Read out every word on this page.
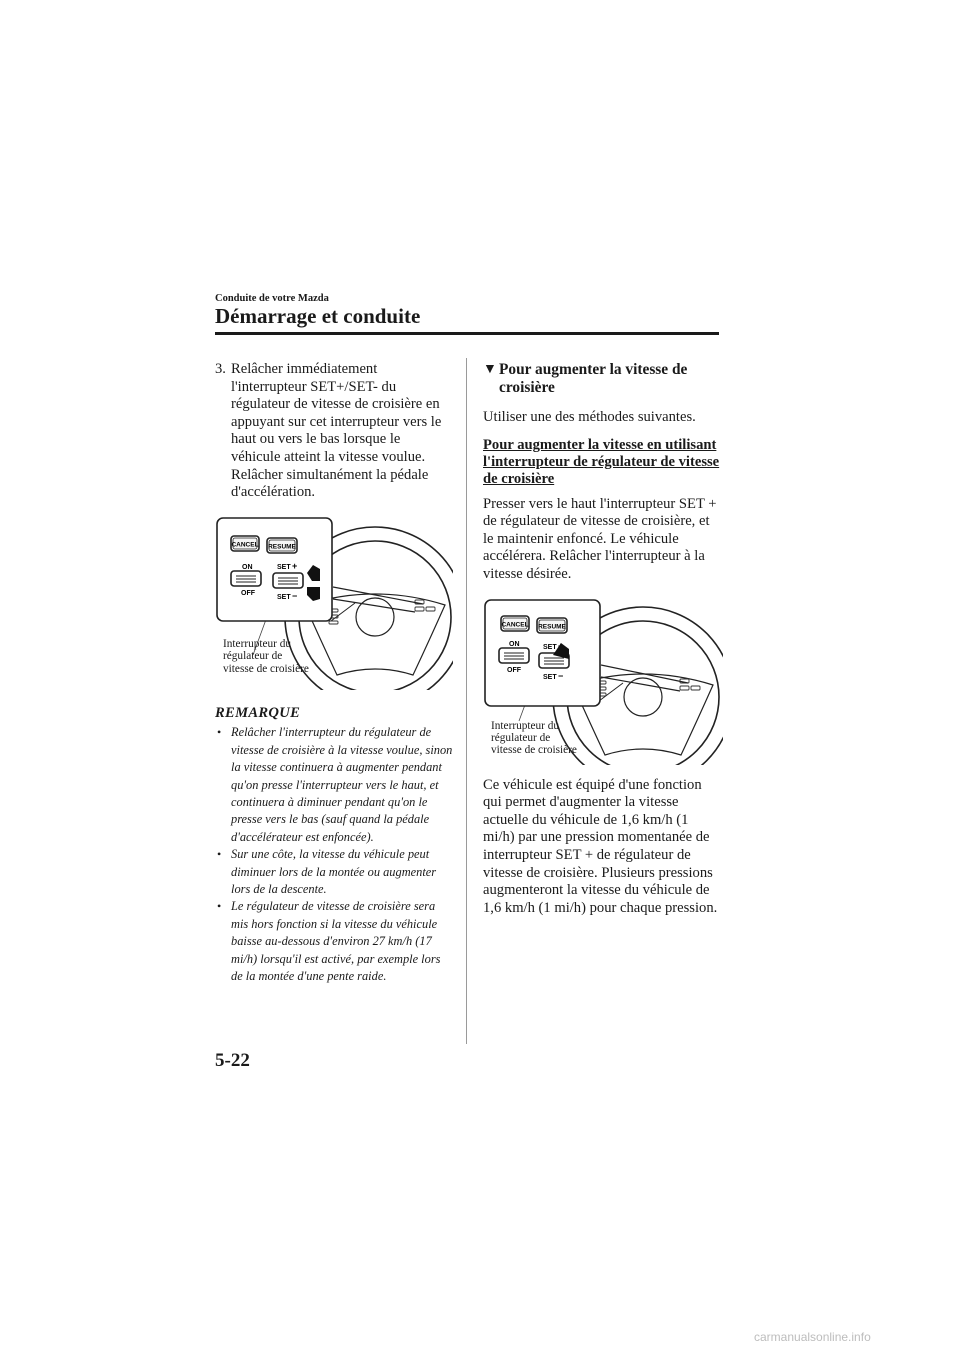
Conduite de votre Mazda
Démarrage et conduite

3. Relâcher immédiatement l'interrupteur SET+/SET- du régulateur de vitesse de croisière en appuyant sur cet interrupteur vers le haut ou vers le bas lorsque le véhicule atteint la vitesse voulue. Relâcher simultanément la pédale d'accélération.

CANCEL RESUME
ON
OFF
SET +
SET −
Interrupteur du
régulateur de
vitesse de croisière
REMARQUE
• Relâcher l'interrupteur du régulateur de vitesse de croisière à la vitesse voulue, sinon la vitesse continuera à augmenter pendant qu'on presse l'interrupteur vers le haut, et continuera à diminuer pendant qu'on le presse vers le bas (sauf quand la pédale d'accélérateur est enfoncée).
• Sur une côte, la vitesse du véhicule peut diminuer lors de la montée ou augmenter lors de la descente.
• Le régulateur de vitesse de croisière sera mis hors fonction si la vitesse du véhicule baisse au-dessous d'environ 27 km/h (17 mi/h) lorsqu'il est activé, par exemple lors de la montée d'une pente raide.

▼ Pour augmenter la vitesse de croisière

Utiliser une des méthodes suivantes.

Pour augmenter la vitesse en utilisant l'interrupteur de régulateur de vitesse de croisière

Presser vers le haut l'interrupteur SET + de régulateur de vitesse de croisière, et le maintenir enfoncé. Le véhicule accélérera. Relâcher l'interrupteur à la vitesse désirée.

CANCEL RESUME
ON
OFF
SET
SET −
Interrupteur du
régulateur de
vitesse de croisière

Ce véhicule est équipé d'une fonction qui permet d'augmenter la vitesse actuelle du véhicule de 1,6 km/h (1 mi/h) par une pression momentanée de interrupteur SET + de régulateur de vitesse de croisière. Plusieurs pressions augmenteront la vitesse du véhicule de 1,6 km/h (1 mi/h) pour chaque pression.

5-22
carmanualsonline.info
